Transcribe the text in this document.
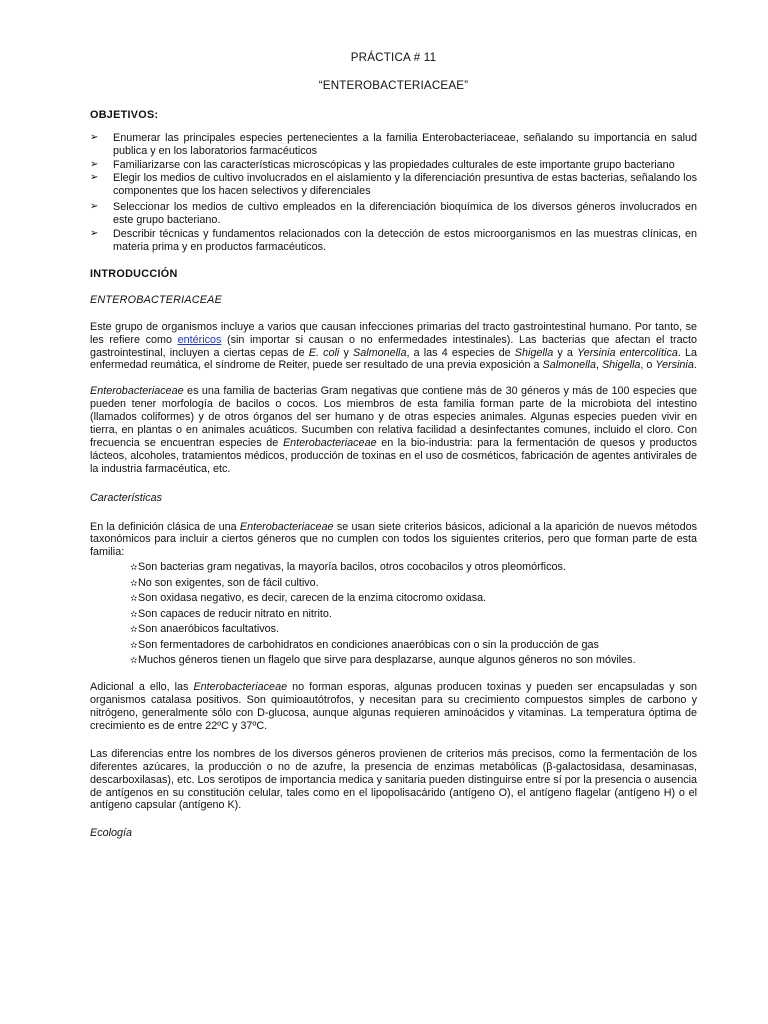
PRÁCTICA # 11
“ENTEROBACTERIACEAE”
OBJETIVOS:
➢ Enumerar las principales especies pertenecientes a la familia Enterobacteriaceae, señalando su importancia en salud publica y en los laboratorios farmacéuticos
➢ Familiarizarse con las características microscópicas y las propiedades culturales de este importante grupo bacteriano
➢ Elegir los medios de cultivo involucrados en el aislamiento y la diferenciación presuntiva de estas bacterias, señalando los componentes que los hacen selectivos y diferenciales
➢ Seleccionar los medios de cultivo empleados en la diferenciación bioquímica de los diversos géneros involucrados en este grupo bacteriano.
➢ Describir técnicas y fundamentos relacionados con la detección de estos microorganismos en las muestras clínicas, en materia prima y en productos farmacéuticos.
INTRODUCCIÓN
ENTEROBACTERIACEAE

Este grupo de organismos incluye a varios que causan infecciones primarias del tracto gastrointestinal humano. Por tanto, se les refiere como entéricos (sin importar si causan o no enfermedades intestinales). Las bacterias que afectan el tracto gastrointestinal, incluyen a ciertas cepas de E. coli y Salmonella, a las 4 especies de Shigella y a Yersinia entercolítica. La enfermedad reumática, el síndrome de Reiter, puede ser resultado de una previa exposición a Salmonella, Shigella, o Yersinia.

Enterobacteriaceae es una familia de bacterias Gram negativas que contiene más de 30 géneros y más de 100 especies que pueden tener morfología de bacilos o cocos. Los miembros de esta familia forman parte de la microbiota del intestino (llamados coliformes) y de otros órganos del ser humano y de otras especies animales. Algunas especies pueden vivir en tierra, en plantas o en animales acuáticos. Sucumben con relativa facilidad a desinfectantes comunes, incluido el cloro. Con frecuencia se encuentran especies de Enterobacteriaceae en la bio-industria: para la fermentación de quesos y productos lácteos, alcoholes, tratamientos médicos, producción de toxinas en el uso de cosméticos, fabricación de agentes antivirales de la industria farmacéutica, etc.

Características

En la definición clásica de una Enterobacteriaceae se usan siete criterios básicos, adicional a la aparición de nuevos métodos taxonómicos para incluir a ciertos géneros que no cumplen con todos los siguientes criterios, pero que forman parte de esta familia:

✫ Son bacterias gram negativas, la mayoría bacilos, otros cocobacilos y otros pleomórficos.
✫ No son exigentes, son de fácil cultivo.
✫ Son oxidasa negativo, es decir, carecen de la enzima citocromo oxidasa.
✫ Son capaces de reducir nitrato en nitrito.
✫ Son anaeróbicos facultativos.
✫ Son fermentadores de carbohidratos en condiciones anaeróbicas con o sin la producción de gas
✫ Muchos géneros tienen un flagelo que sirve para desplazarse, aunque algunos géneros no son móviles.

Adicional a ello, las Enterobacteriaceae no forman esporas, algunas producen toxinas y pueden ser encapsuladas y son organismos catalasa positivos. Son quimioautótrofos, y necesitan para su crecimiento compuestos simples de carbono y nitrógeno, generalmente sólo con D-glucosa, aunque algunas requieren aminoácidos y vitaminas. La temperatura óptima de crecimiento es de entre 22ºC y 37ºC.

Las diferencias entre los nombres de los diversos géneros provienen de criterios más precisos, como la fermentación de los diferentes azúcares, la producción o no de azufre, la presencia de enzimas metabólicas (β-galactosidasa, desaminasas, descarboxilasas), etc. Los serotipos de importancia medica y sanitaria pueden distinguirse entre sí por la presencia o ausencia de antígenos en su constitución celular, tales como en el lipopolisacárido (antígeno O), el antígeno flagelar (antígeno H) o el antígeno capsular (antígeno K).

Ecología
